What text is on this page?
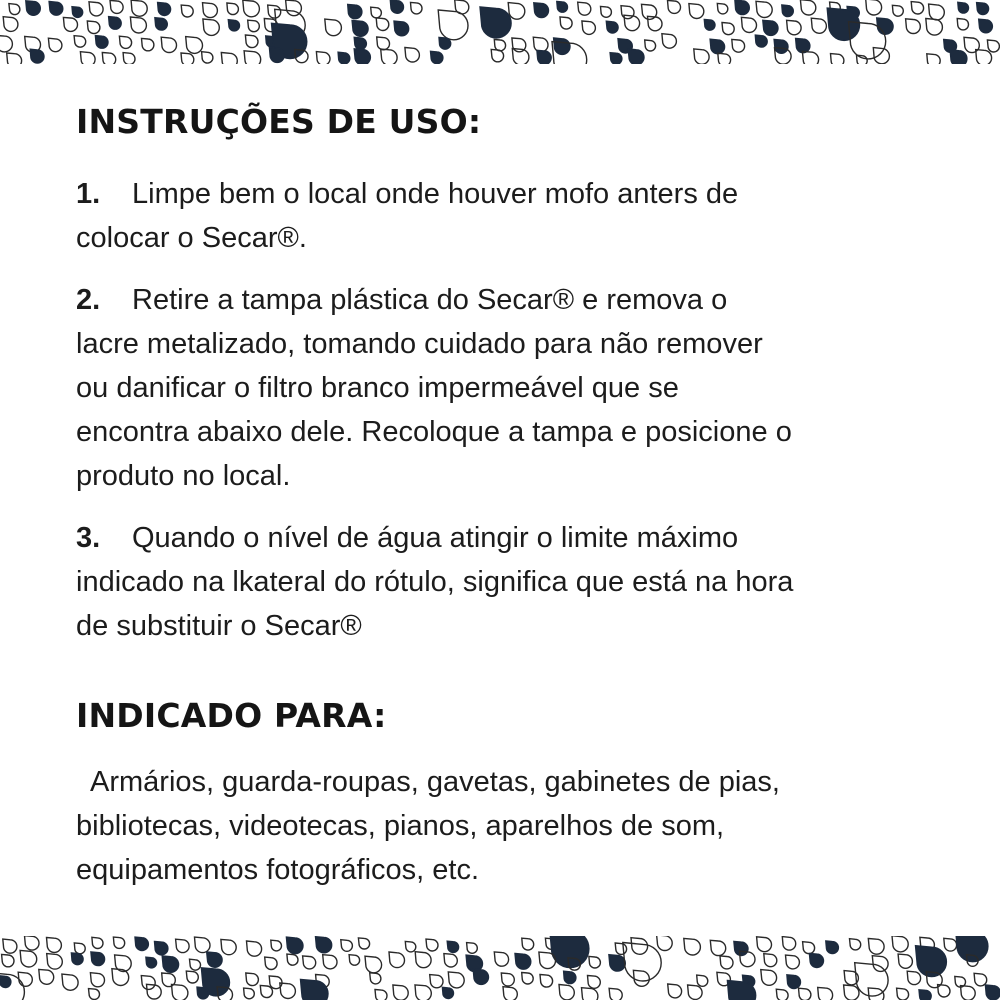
INSTRUÇÕES DE USO:

1. Limpe bem o local onde houver mofo anters de colocar o Secar®.

2. Retire a tampa plástica do Secar® e remova o lacre metalizado, tomando cuidado para não remover ou danificar o filtro branco impermeável que se encontra abaixo dele. Recoloque a tampa e posicione o produto no local.

3. Quando o nível de água atingir o limite máximo indicado na lkateral do rótulo, significa que está na hora de substituir o Secar®

INDICADO PARA:

Armários, guarda-roupas, gavetas, gabinetes de pias, bibliotecas, videotecas, pianos, aparelhos de som, equipamentos fotográficos, etc.
